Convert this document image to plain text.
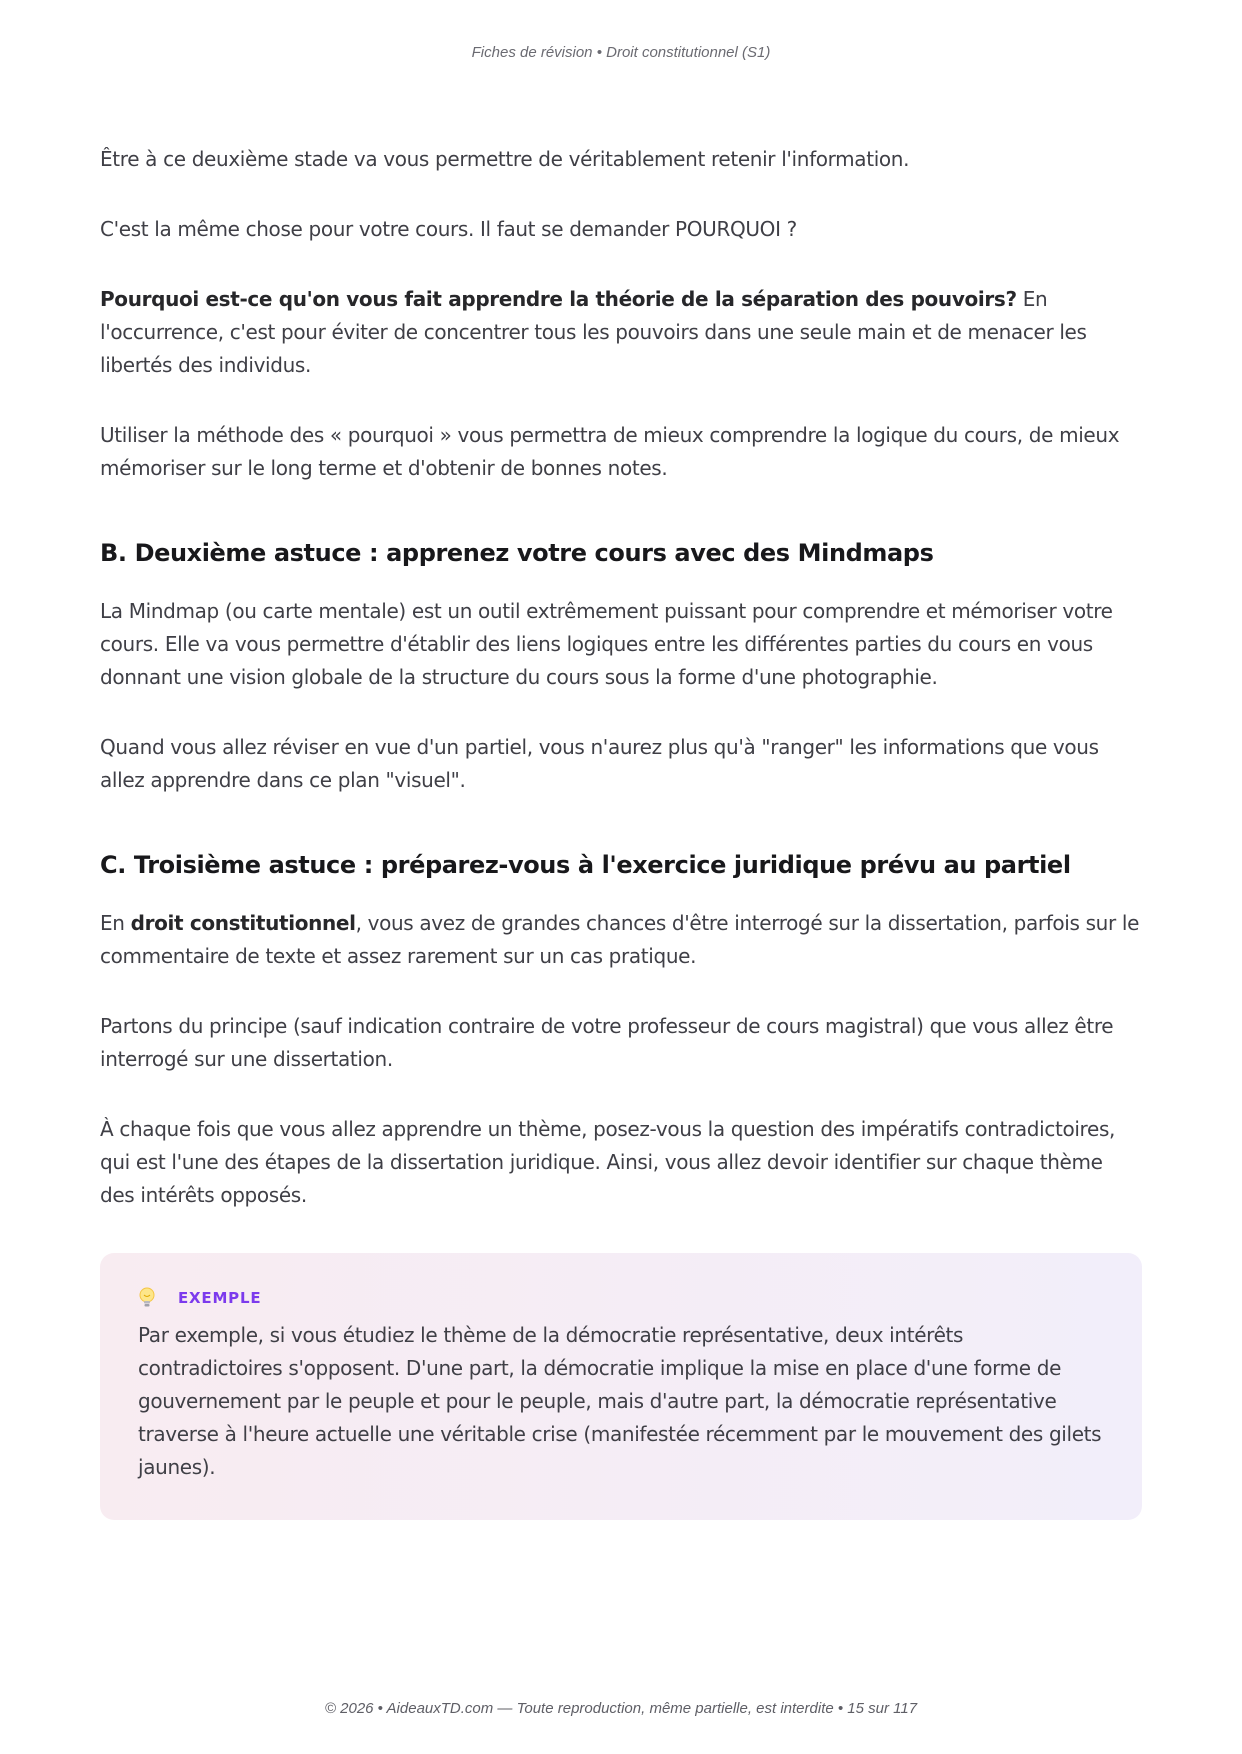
Fiches de révision • Droit constitutionnel (S1)

Être à ce deuxième stade va vous permettre de véritablement retenir l'information.

C'est la même chose pour votre cours. Il faut se demander POURQUOI ?

Pourquoi est-ce qu'on vous fait apprendre la théorie de la séparation des pouvoirs? En l'occurrence, c'est pour éviter de concentrer tous les pouvoirs dans une seule main et de menacer les libertés des individus.

Utiliser la méthode des « pourquoi » vous permettra de mieux comprendre la logique du cours, de mieux mémoriser sur le long terme et d'obtenir de bonnes notes.

B. Deuxième astuce : apprenez votre cours avec des Mindmaps

La Mindmap (ou carte mentale) est un outil extrêmement puissant pour comprendre et mémoriser votre cours. Elle va vous permettre d'établir des liens logiques entre les différentes parties du cours en vous donnant une vision globale de la structure du cours sous la forme d'une photographie.

Quand vous allez réviser en vue d'un partiel, vous n'aurez plus qu'à "ranger" les informations que vous allez apprendre dans ce plan "visuel".

C. Troisième astuce : préparez-vous à l'exercice juridique prévu au partiel

En droit constitutionnel, vous avez de grandes chances d'être interrogé sur la dissertation, parfois sur le commentaire de texte et assez rarement sur un cas pratique.

Partons du principe (sauf indication contraire de votre professeur de cours magistral) que vous allez être interrogé sur une dissertation.

À chaque fois que vous allez apprendre un thème, posez-vous la question des impératifs contradictoires, qui est l'une des étapes de la dissertation juridique. Ainsi, vous allez devoir identifier sur chaque thème des intérêts opposés.

EXEMPLE

Par exemple, si vous étudiez le thème de la démocratie représentative, deux intérêts contradictoires s'opposent. D'une part, la démocratie implique la mise en place d'une forme de gouvernement par le peuple et pour le peuple, mais d'autre part, la démocratie représentative traverse à l'heure actuelle une véritable crise (manifestée récemment par le mouvement des gilets jaunes).

© 2026 • AideauxTD.com — Toute reproduction, même partielle, est interdite • 15 sur 117
